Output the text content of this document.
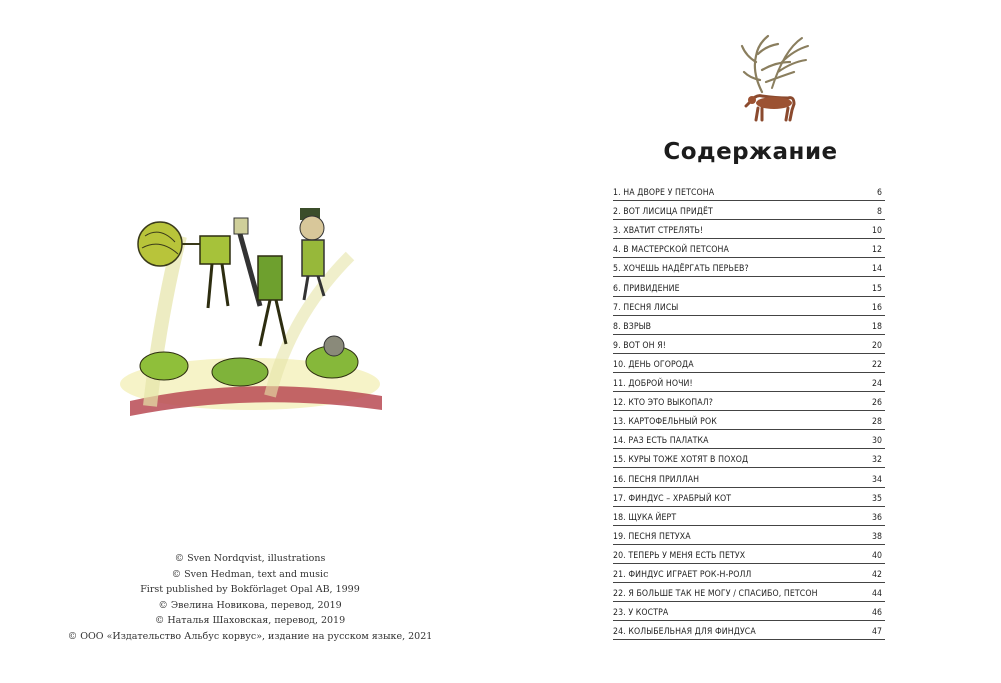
© Sven Nordqvist, illustrations
© Sven Hedman, text and music
First published by Bokförlaget Opal AB, 1999
© Эвелина Новикова, перевод, 2019
© Наталья Шаховская, перевод, 2019
© ООО «Издательство Альбус корвус», издание на русском языке, 2021
Содержание
1. НА ДВОРЕ У ПЕТСОНА	6
2. ВОТ ЛИСИЦА ПРИДЁТ	8
3. ХВАТИТ СТРЕЛЯТЬ!	10
4. В МАСТЕРСКОЙ ПЕТСОНА	12
5. ХОЧЕШЬ НАДЁРГАТЬ ПЕРЬЕВ?	14
6. ПРИВИДЕНИЕ	15
7. ПЕСНЯ ЛИСЫ	16
8. ВЗРЫВ	18
9. ВОТ ОН Я!	20
10. ДЕНЬ ОГОРОДА	22
11. ДОБРОЙ НОЧИ!	24
12. КТО ЭТО ВЫКОПАЛ?	26
13. КАРТОФЕЛЬНЫЙ РОК	28
14. РАЗ ЕСТЬ ПАЛАТКА	30
15. КУРЫ ТОЖЕ ХОТЯТ В ПОХОД	32
16. ПЕСНЯ ПРИЛЛАН	34
17. ФИНДУС – ХРАБРЫЙ КОТ	35
18. ЩУКА ЙЕРТ	36
19. ПЕСНЯ ПЕТУХА	38
20. ТЕПЕРЬ У МЕНЯ ЕСТЬ ПЕТУХ	40
21. ФИНДУС ИГРАЕТ РОК-Н-РОЛЛ	42
22. Я БОЛЬШЕ ТАК НЕ МОГУ / СПАСИБО, ПЕТСОН	44
23. У КОСТРА	46
24. КОЛЫБЕЛЬНАЯ ДЛЯ ФИНДУСА	47
